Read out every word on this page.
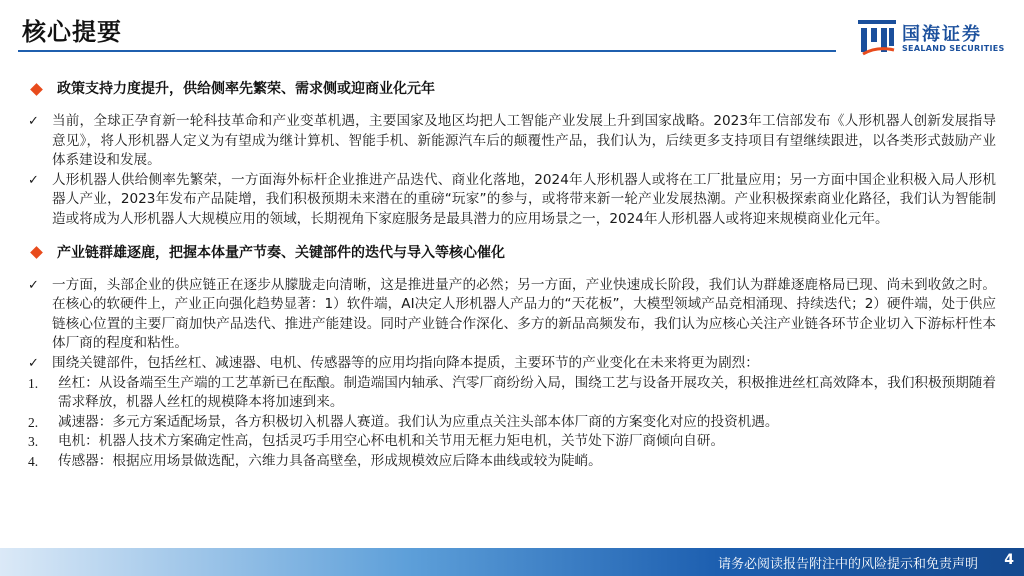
核心提要	国海证券
SEALAND SECURITIES
政策支持力度提升，供给侧率先繁荣、需求侧或迎商业化元年
✓ 当前，全球正孕育新一轮科技革命和产业变革机遇，主要国家及地区均把人工智能产业发展上升到国家战略。2023年工信部发布《人形机器人创新发展指导意见》，将人形机器人定义为有望成为继计算机、智能手机、新能源汽车后的颠覆性产品，我们认为，后续更多支持项目有望继续跟进，以各类形式鼓励产业体系建设和发展。
✓ 人形机器人供给侧率先繁荣，一方面海外标杆企业推进产品迭代、商业化落地，2024年人形机器人或将在工厂批量应用；另一方面中国企业积极入局人形机器人产业，2023年发布产品陡增，我们积极预期未来潜在的重磅“玩家”的参与，或将带来新一轮产业发展热潮。产业积极探索商业化路径，我们认为智能制造或将成为人形机器人大规模应用的领域，长期视角下家庭服务是最具潜力的应用场景之一，2024年人形机器人或将迎来规模商业化元年。
产业链群雄逐鹿，把握本体量产节奏、关键部件的迭代与导入等核心催化
✓ 一方面，头部企业的供应链正在逐步从朦胧走向清晰，这是推进量产的必然；另一方面，产业快速成长阶段，我们认为群雄逐鹿格局已现、尚未到收敛之时。在核心的软硬件上，产业正向强化趋势显著：1）软件端，AI决定人形机器人产品力的“天花板”，大模型领域产品竞相涌现、持续迭代；2）硬件端，处于供应链核心位置的主要厂商加快产品迭代、推进产能建设。同时产业链合作深化、多方的新品高频发布，我们认为应核心关注产业链各环节企业切入下游标杆性本体厂商的程度和粘性。
✓ 围绕关键部件，包括丝杠、减速器、电机、传感器等的应用均指向降本提质，主要环节的产业变化在未来将更为剧烈：
1.	丝杠：从设备端至生产端的工艺革新已在酝酿。制造端国内轴承、汽零厂商纷纷入局，围绕工艺与设备开展攻关，积极推进丝杠高效降本，我们积极预期随着需求释放，机器人丝杠的规模降本将加速到来。
2.	减速器：多元方案适配场景，各方积极切入机器人赛道。我们认为应重点关注头部本体厂商的方案变化对应的投资机遇。
3.	电机：机器人技术方案确定性高，包括灵巧手用空心杯电机和关节用无框力矩电机，关节处下游厂商倾向自研。
4.	传感器：根据应用场景做选配，六维力具备高壁垒，形成规模效应后降本曲线或较为陡峭。
请务必阅读报告附注中的风险提示和免责声明 4
